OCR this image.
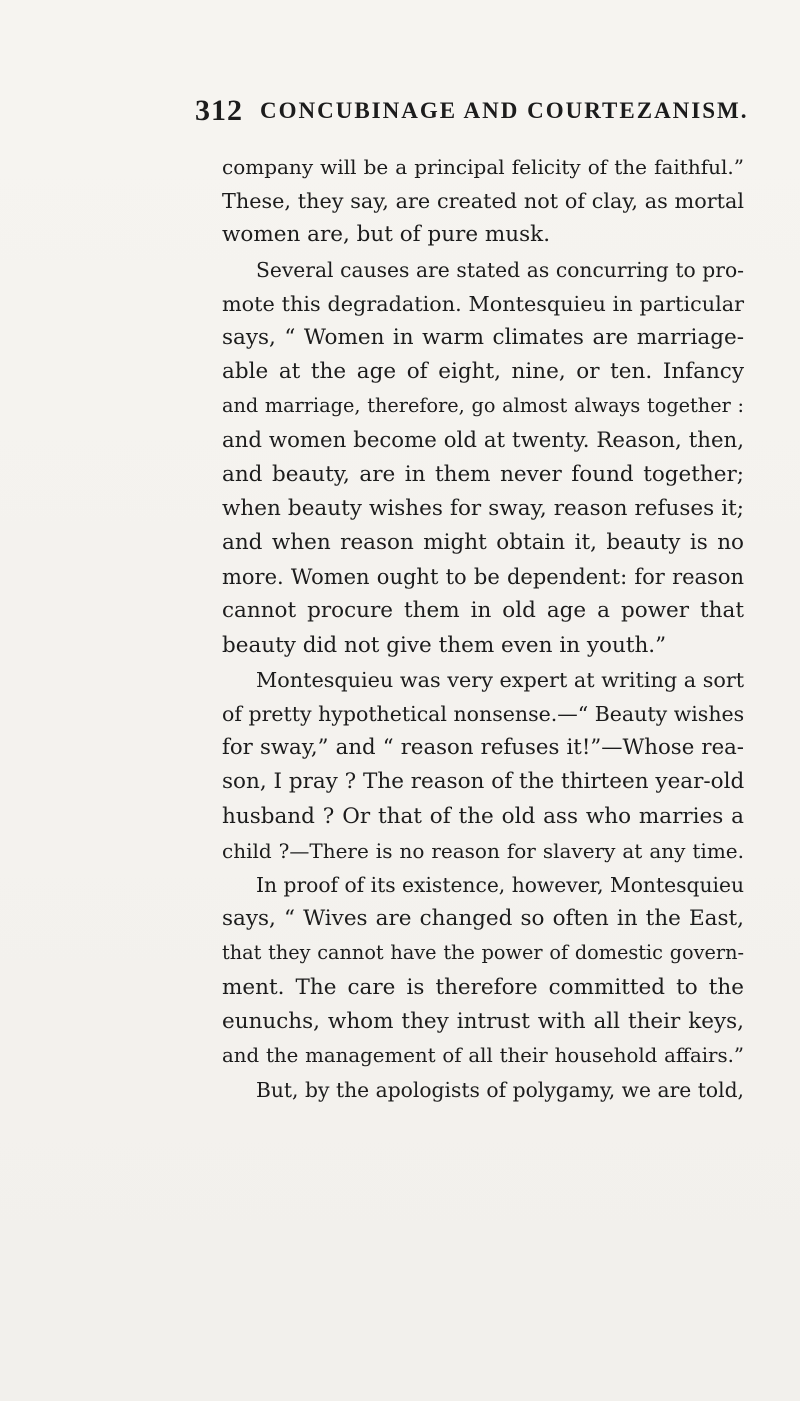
312 CONCUBINAGE AND COURTEZANISM.
company will be a principal felicity of the faithful.”
These, they say, are created not of clay, as mortal
women are, but of pure musk.
Several causes are stated as concurring to pro-
mote this degradation. Montesquieu in particular
says, “ Women in warm climates are marriage-
able at the age of eight, nine, or ten. Infancy
and marriage, therefore, go almost always together :
and women become old at twenty. Reason, then,
and beauty, are in them never found together;
when beauty wishes for sway, reason refuses it;
and when reason might obtain it, beauty is no
more. Women ought to be dependent: for reason
cannot procure them in old age a power that
beauty did not give them even in youth.”
Montesquieu was very expert at writing a sort
of pretty hypothetical nonsense.—“ Beauty wishes
for sway,” and “ reason refuses it!”—Whose rea-
son, I pray ? The reason of the thirteen year-old
husband ? Or that of the old ass who marries a
child ?—There is no reason for slavery at any time.
In proof of its existence, however, Montesquieu
says, “ Wives are changed so often in the East,
that they cannot have the power of domestic govern-
ment. The care is therefore committed to the
eunuchs, whom they intrust with all their keys,
and the management of all their household affairs.”
But, by the apologists of polygamy, we are told,
